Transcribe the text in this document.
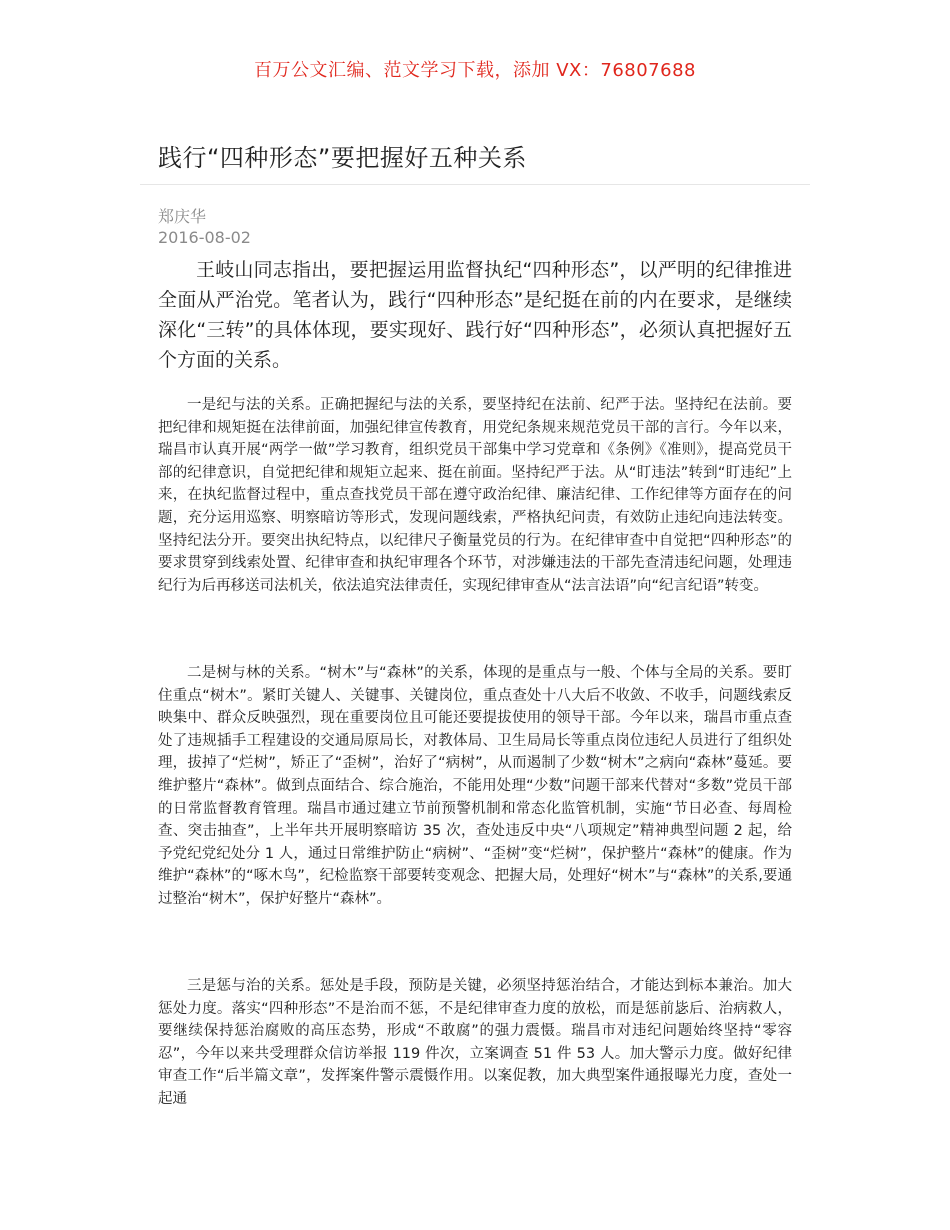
百万公文汇编、范文学习下载，添加 VX：76807688
践行“四种形态”要把握好五种关系
郑庆华
2016-08-02

王岐山同志指出，要把握运用监督执纪“四种形态”，以严明的纪律推进全面从严治党。笔者认为，践行“四种形态”是纪挺在前的内在要求，是继续深化“三转”的具体体现，要实现好、践行好“四种形态”，必须认真把握好五个方面的关系。

一是纪与法的关系。正确把握纪与法的关系，要坚持纪在法前、纪严于法。坚持纪在法前。要把纪律和规矩挺在法律前面，加强纪律宣传教育，用党纪条规来规范党员干部的言行。今年以来，瑞昌市认真开展“两学一做”学习教育，组织党员干部集中学习党章和《条例》《准则》，提高党员干部的纪律意识，自觉把纪律和规矩立起来、挺在前面。坚持纪严于法。从“盯违法”转到“盯违纪”上来，在执纪监督过程中，重点查找党员干部在遵守政治纪律、廉洁纪律、工作纪律等方面存在的问题，充分运用巡察、明察暗访等形式，发现问题线索，严格执纪问责，有效防止违纪向违法转变。坚持纪法分开。要突出执纪特点，以纪律尺子衡量党员的行为。在纪律审查中自觉把“四种形态”的要求贯穿到线索处置、纪律审查和执纪审理各个环节，对涉嫌违法的干部先查清违纪问题，处理违纪行为后再移送司法机关，依法追究法律责任，实现纪律审查从“法言法语”向“纪言纪语”转变。

二是树与林的关系。“树木”与“森林”的关系，体现的是重点与一般、个体与全局的关系。要盯住重点“树木”。紧盯关键人、关键事、关键岗位，重点查处十八大后不收敛、不收手，问题线索反映集中、群众反映强烈，现在重要岗位且可能还要提拔使用的领导干部。今年以来，瑞昌市重点查处了违规插手工程建设的交通局原局长，对教体局、卫生局局长等重点岗位违纪人员进行了组织处理，拔掉了“烂树”，矫正了“歪树”，治好了“病树”，从而遏制了少数“树木”之病向“森林”蔓延。要维护整片“森林”。做到点面结合、综合施治，不能用处理“少数”问题干部来代替对“多数”党员干部的日常监督教育管理。瑞昌市通过建立节前预警机制和常态化监管机制，实施“节日必查、每周检查、突击抽查”，上半年共开展明察暗访 35 次，查处违反中央“八项规定”精神典型问题 2 起，给予党纪党纪处分 1 人，通过日常维护防止“病树”、“歪树”变“烂树”，保护整片“森林”的健康。作为维护“森林”的“啄木鸟”，纪检监察干部要转变观念、把握大局，处理好“树木”与“森林”的关系,要通过整治“树木”，保护好整片“森林”。

三是惩与治的关系。惩处是手段，预防是关键，必须坚持惩治结合，才能达到标本兼治。加大惩处力度。落实“四种形态”不是治而不惩，不是纪律审查力度的放松，而是惩前毖后、治病救人，要继续保持惩治腐败的高压态势，形成“不敢腐”的强力震慑。瑞昌市对违纪问题始终坚持“零容忍”，今年以来共受理群众信访举报 119 件次，立案调查 51 件 53 人。加大警示力度。做好纪律审查工作“后半篇文章”，发挥案件警示震慑作用。以案促教，加大典型案件通报曝光力度，查处一起通
